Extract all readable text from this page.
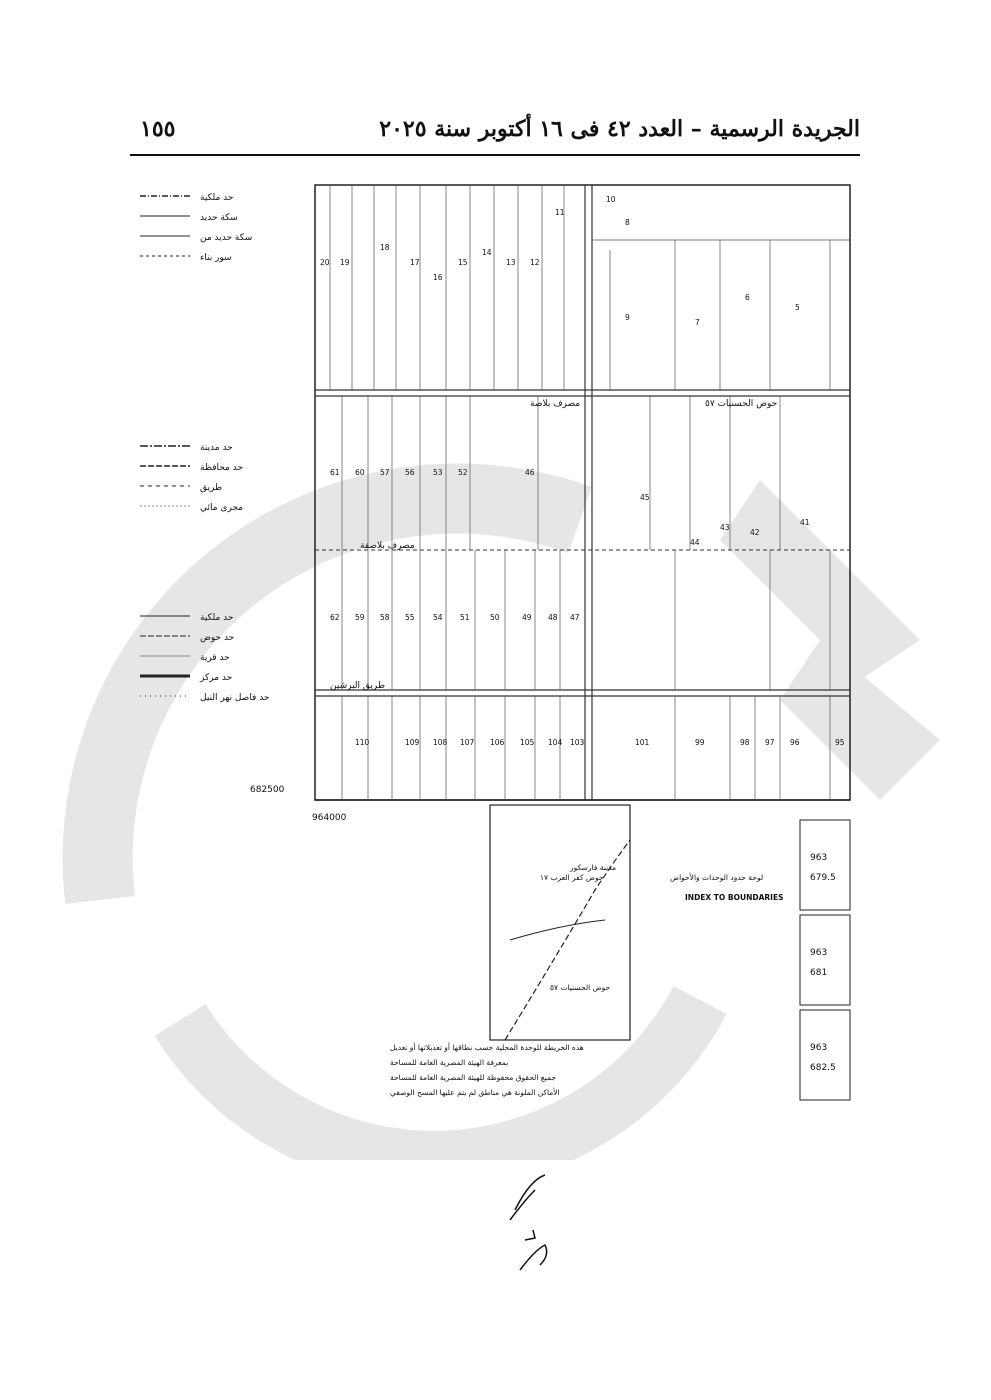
الجريدة الرسمية – العدد ٤٢ فى ١٦ أكتوبر سنة ٢٠٢٥
١٥٥
5
6
7
8
9
10
11
12
13
14
15
16
17
18
19
20
41
42
43
44
45
46
52
53
56
57
60
61
47
48
49
50
51
54
55
58
59
62
95
96
97
98
99
101
103
104
105
106
107
108
109
110
مصرف بلاصفة
طريق البرشين
حوض الحسنيات ٥٧
مصرف بلاصة
682500
964000
لوحة حدود الوحدات والأحواض
INDEX TO BOUNDARIES
مدينة فارسكور
حوض الحسنيات ٥٧
حوض كفر العرب ١٧
هذه الخريطة للوحدة المحلية حسب نطاقها أو تعديلاتها أو تعديل
بمعرفة الهيئة المصرية العامة للمساحة
جميع الحقوق محفوظة للهيئة المصرية العامة للمساحة
الأماكن الملونة هي مناطق لم يتم عليها المسح الوصفي
963
679.5
963
681
963
682.5
حد ملكية
سكة حديد
سكة حديد من
سور بناء
حد مدينة
حد محافظة
طريق
مجرى مائي
حد ملكية
حد حوض
حد قرية
حد مركز
حد فاصل نهر النيل
